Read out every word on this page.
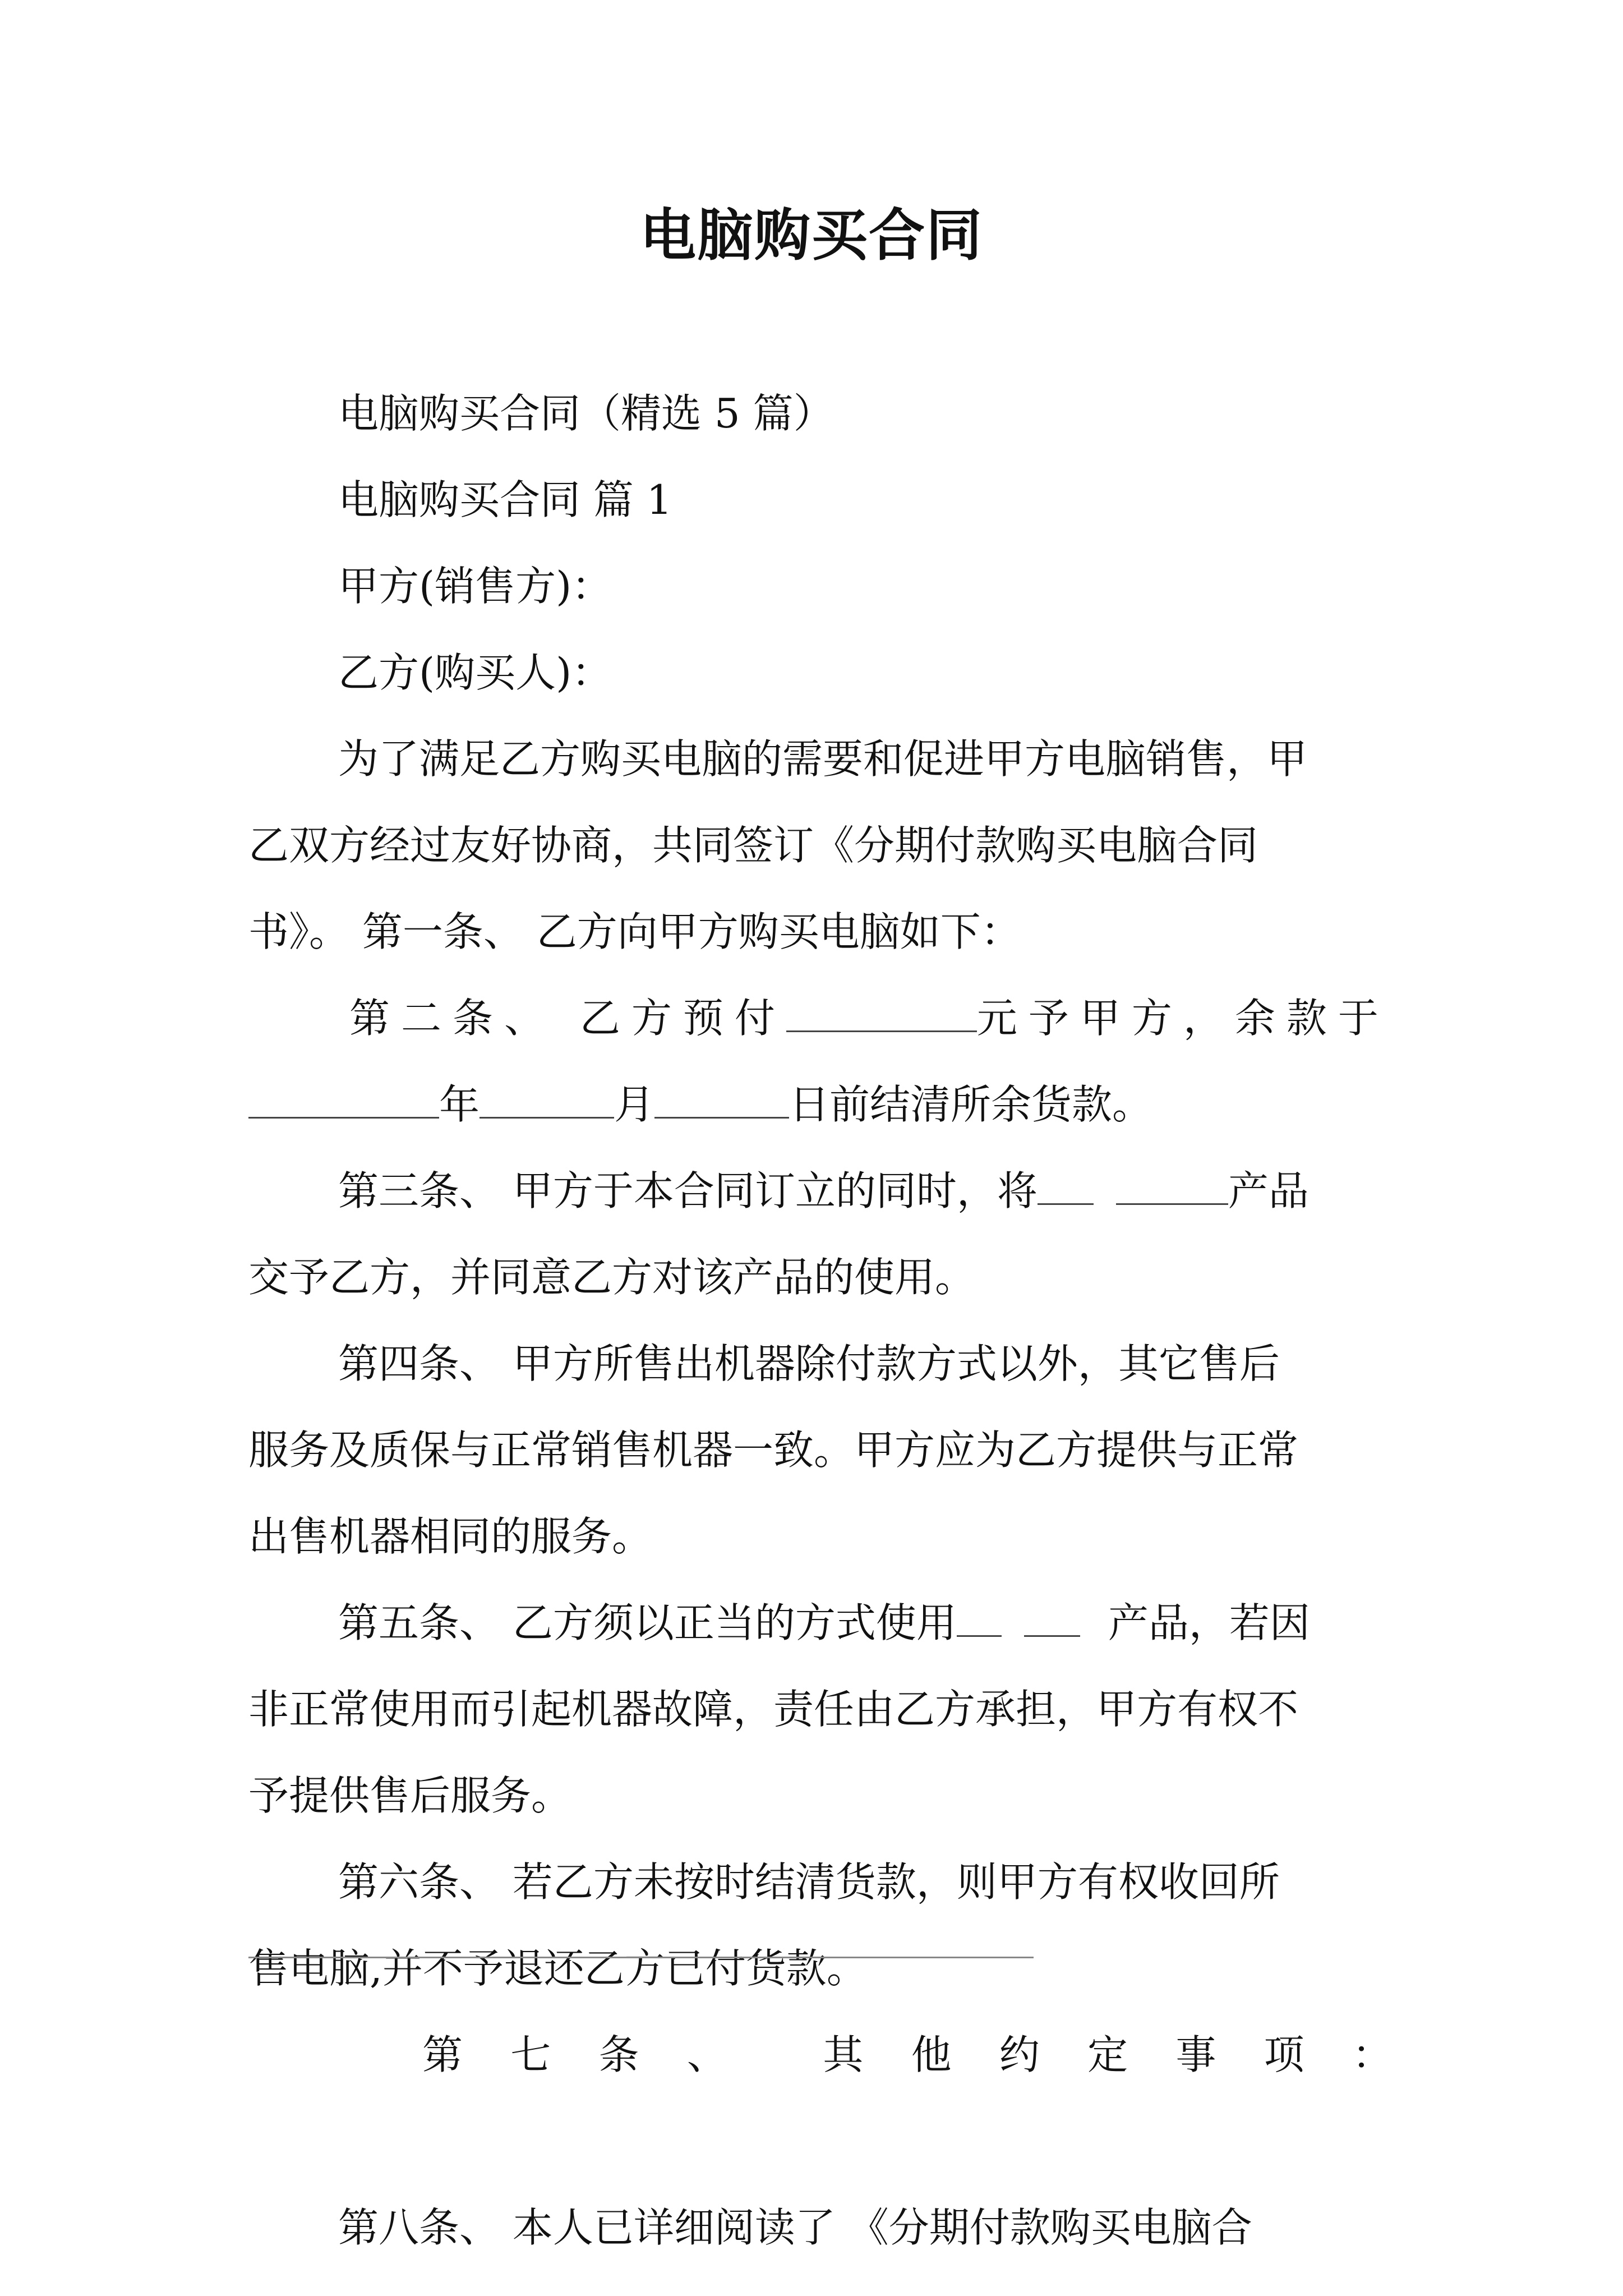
电脑购买合同
电脑购买合同（精选 5 篇）
电脑购买合同 篇 1
甲方(销售方)：
乙方(购买人)：
为了满足乙方购买电脑的需要和促进甲方电脑销售，甲
乙双方经过友好协商，共同签订《分期付款购买电脑合同
书》。 第一条、 乙方向甲方购买电脑如下：
第二条、 乙方预付	元予甲方，余款于
年	月	日前结清所余货款。
第三条、 甲方于本合同订立的同时，将	产品
交予乙方，并同意乙方对该产品的使用。
第四条、 甲方所售出机器除付款方式以外，其它售后
服务及质保与正常销售机器一致。甲方应为乙方提供与正常
出售机器相同的服务。
第五条、 乙方须以正当的方式使用	产品，若因
非正常使用而引起机器故障，责任由乙方承担，甲方有权不
予提供售后服务。
第六条、 若乙方未按时结清货款，则甲方有权收回所
售电脑,并不予退还乙方已付货款。
第 七 条 、 其 他 约 定 事 项 ：
第八条、 本人已详细阅读了 《分期付款购买电脑合
